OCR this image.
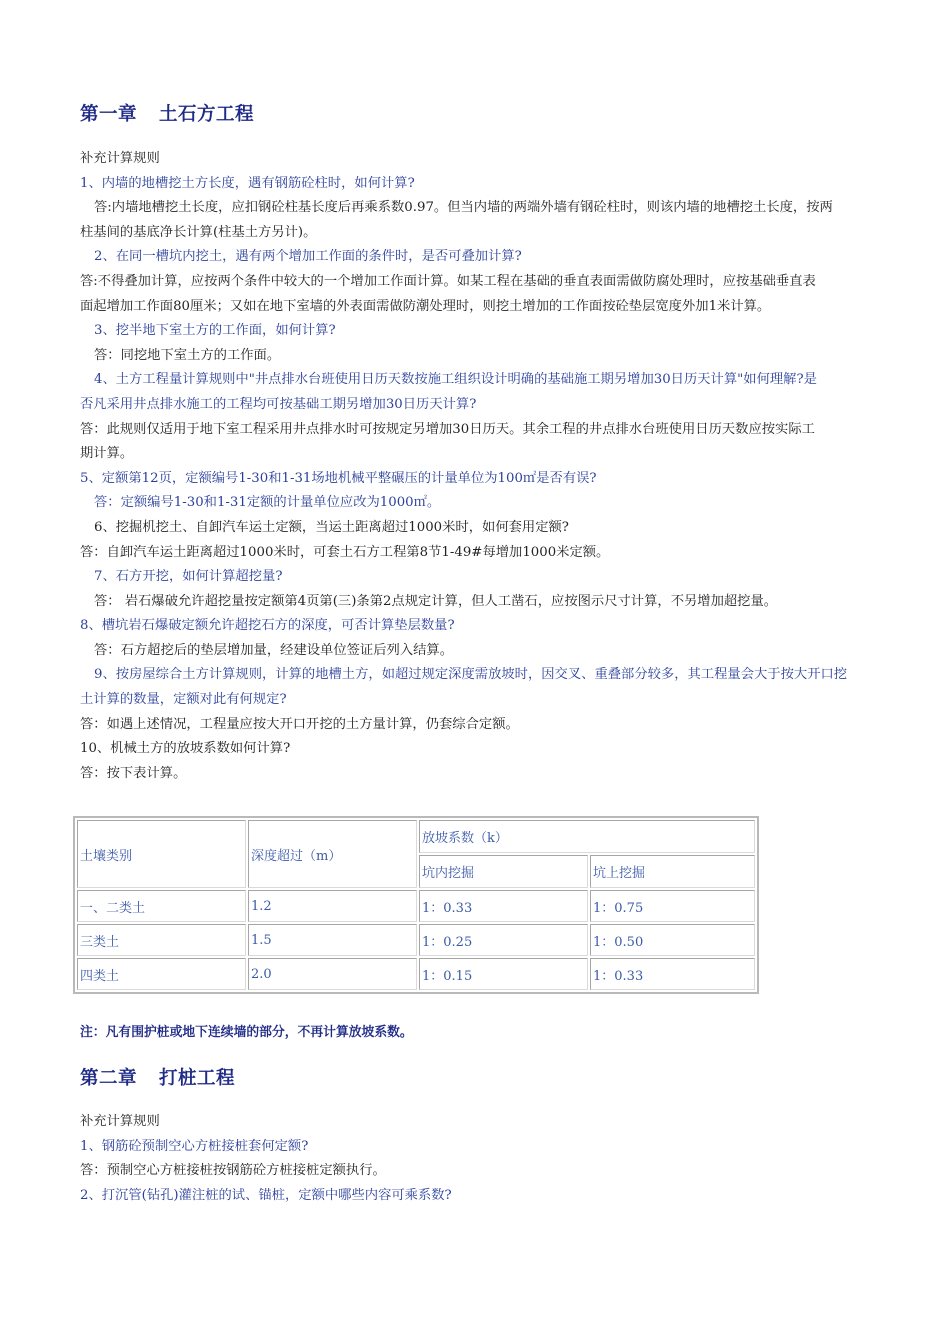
第一章 土石方工程

补充计算规则

1、内墙的地槽挖土方长度，遇有钢筋砼柱时，如何计算?

答:内墙地槽挖土长度，应扣钢砼柱基长度后再乘系数0.97。但当内墙的两端外墙有钢砼柱时，则该内墙的地槽挖土长度，按两

柱基间的基底净长计算(柱基土方另计)。

2、在同一槽坑内挖土，遇有两个增加工作面的条件时，是否可叠加计算?

答:不得叠加计算，应按两个条件中较大的一个增加工作面计算。如某工程在基础的垂直表面需做防腐处理时，应按基础垂直表

面起增加工作面80厘米；又如在地下室墙的外表面需做防潮处理时，则挖土增加的工作面按砼垫层宽度外加1米计算。

3、挖半地下室土方的工作面，如何计算?

答：同挖地下室土方的工作面。

4、土方工程量计算规则中"井点排水台班使用日历天数按施工组织设计明确的基础施工期另增加30日历天计算"如何理解?是

否凡采用井点排水施工的工程均可按基础工期另增加30日历天计算?

答：此规则仅适用于地下室工程采用井点排水时可按规定另增加30日历天。其余工程的井点排水台班使用日历天数应按实际工

期计算。

5、定额第12页，定额编号1-30和1-31场地机械平整碾压的计量单位为100㎡是否有误?

答：定额编号1-30和1-31定额的计量单位应改为1000㎡。

6、挖掘机挖土、自卸汽车运土定额，当运土距离超过1000米时，如何套用定额?

答：自卸汽车运土距离超过1000米时，可套土石方工程第8节1-49#每增加1000米定额。

7、石方开挖，如何计算超挖量?

答： 岩石爆破允许超挖量按定额第4页第(三)条第2点规定计算，但人工凿石，应按图示尺寸计算，不另增加超挖量。

8、槽坑岩石爆破定额允许超挖石方的深度，可否计算垫层数量?

答：石方超挖后的垫层增加量，经建设单位签证后列入结算。

9、按房屋综合土方计算规则，计算的地槽土方，如超过规定深度需放坡时，因交叉、重叠部分较多，其工程量会大于按大开口挖

土计算的数量，定额对此有何规定?

答：如遇上述情况，工程量应按大开口开挖的土方量计算，仍套综合定额。

10、机械土方的放坡系数如何计算?

答：按下表计算。

注：凡有围护桩或地下连续墙的部分，不再计算放坡系数。
第二章 打桩工程

补充计算规则

1、钢筋砼预制空心方桩接桩套何定额?

答：预制空心方桩接桩按钢筋砼方桩接桩定额执行。

2、打沉管(钻孔)灌注桩的试、锚桩，定额中哪些内容可乘系数?

土壤类别	深度超过（m）	放坡系数（k）	
		坑内挖掘	坑上挖掘
一、二类土	1.2	1：0.33	1：0.75
三类土	1.5	1：0.25	1：0.50
四类土	2.0	1：0.15	1：0.33
